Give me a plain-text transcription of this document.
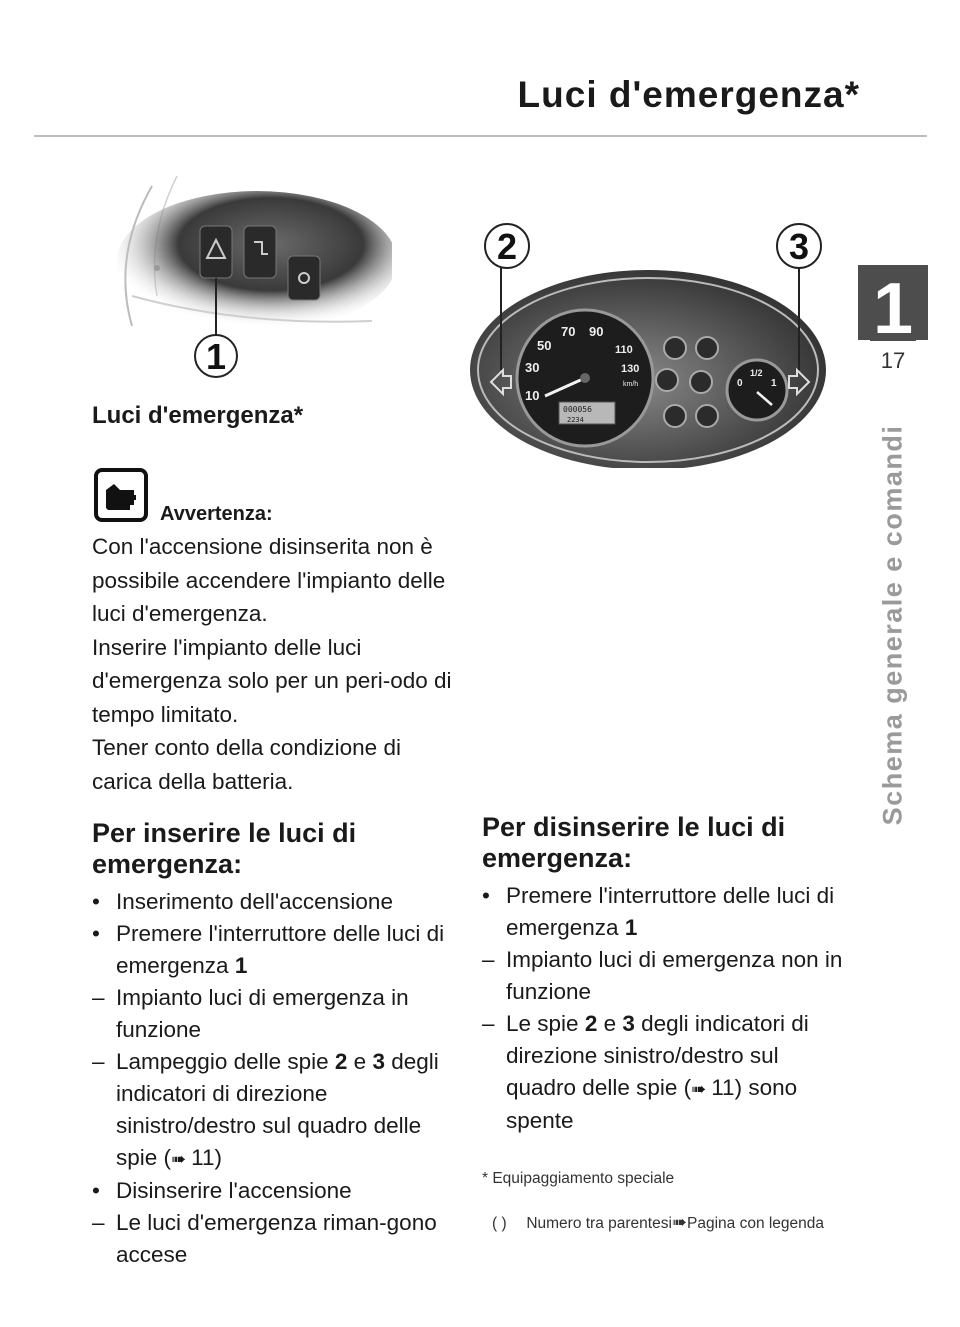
Luci d'emergenza*
1
17
Schema generale e comandi
1
10
30
50
70 90
110
130
km/h
000056
2234
0
1/2
1
2	3
Luci d'emergenza*
Avvertenza:

Con l'accensione disinserita non è possibile accendere l'impianto delle luci d'emergenza.

Inserire l'impianto delle luci d'emergenza solo per un peri-odo di tempo limitato.

Tener conto della condizione di carica della batteria.

Per inserire le luci di emergenza:
• Inserimento dell'accensione
• Premere l'interruttore delle luci di emergenza 1
– Impianto luci di emergenza in funzione
– Lampeggio delle spie 2 e 3 degli indicatori di direzione sinistro/destro sul quadro delle spie (➠ 11)
• Disinserire l'accensione
– Le luci d'emergenza riman-gono accese
Per disinserire le luci di emergenza:
• Premere l'interruttore delle luci di emergenza 1
– Impianto luci di emergenza non in funzione
– Le spie 2 e 3 degli indicatori di direzione sinistro/destro sul quadro delle spie (➠ 11) sono spente
* Equipaggiamento speciale
( ) Numero tra parentesi➠Pagina con legenda
